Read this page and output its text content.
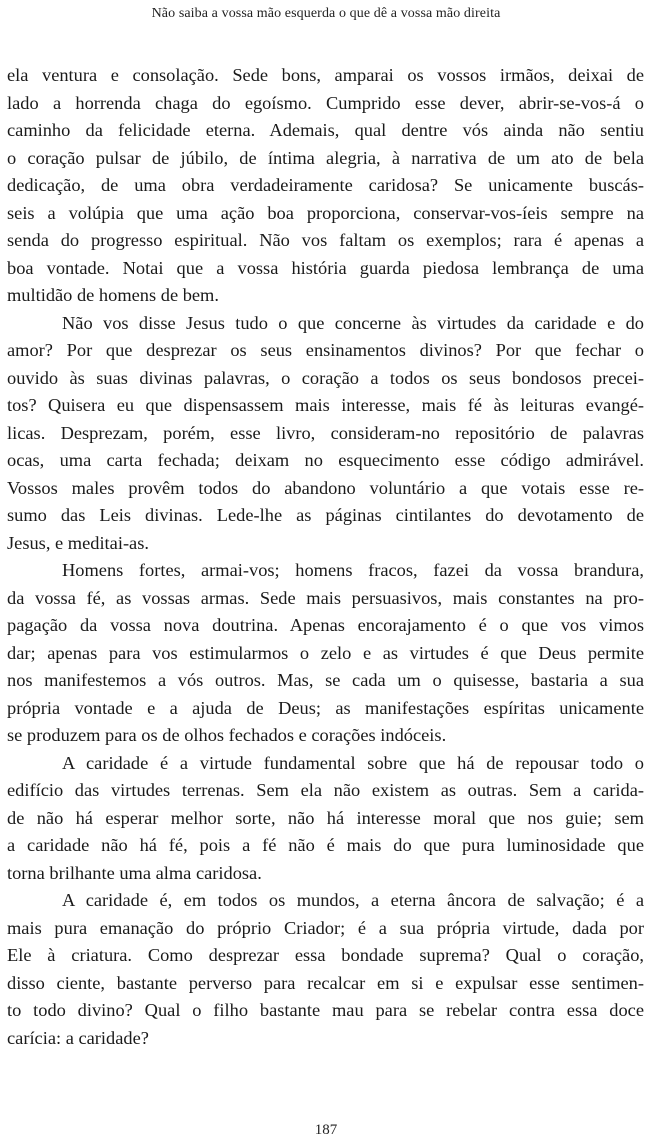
Não saiba a vossa mão esquerda o que dê a vossa mão direita

ela ventura e consolação. Sede bons, amparai os vossos irmãos, deixai de
lado a horrenda chaga do egoísmo. Cumprido esse dever, abrir-se-vos-á o
caminho da felicidade eterna. Ademais, qual dentre vós ainda não sentiu
o coração pulsar de júbilo, de íntima alegria, à narrativa de um ato de bela
dedicação, de uma obra verdadeiramente caridosa? Se unicamente buscás-
seis a volúpia que uma ação boa proporciona, conservar-vos-íeis sempre na
senda do progresso espiritual. Não vos faltam os exemplos; rara é apenas a
boa vontade. Notai que a vossa história guarda piedosa lembrança de uma
multidão de homens de bem.

Não vos disse Jesus tudo o que concerne às virtudes da caridade e do
amor? Por que desprezar os seus ensinamentos divinos? Por que fechar o
ouvido às suas divinas palavras, o coração a todos os seus bondosos precei-
tos? Quisera eu que dispensassem mais interesse, mais fé às leituras evangé-
licas. Desprezam, porém, esse livro, consideram-no repositório de palavras
ocas, uma carta fechada; deixam no esquecimento esse código admirável.
Vossos males provêm todos do abandono voluntário a que votais esse re-
sumo das Leis divinas. Lede-lhe as páginas cintilantes do devotamento de
Jesus, e meditai-as.

Homens fortes, armai-vos; homens fracos, fazei da vossa brandura,
da vossa fé, as vossas armas. Sede mais persuasivos, mais constantes na pro-
pagação da vossa nova doutrina. Apenas encorajamento é o que vos vimos
dar; apenas para vos estimularmos o zelo e as virtudes é que Deus permite
nos manifestemos a vós outros. Mas, se cada um o quisesse, bastaria a sua
própria vontade e a ajuda de Deus; as manifestações espíritas unicamente
se produzem para os de olhos fechados e corações indóceis.

A caridade é a virtude fundamental sobre que há de repousar todo o
edifício das virtudes terrenas. Sem ela não existem as outras. Sem a carida-
de não há esperar melhor sorte, não há interesse moral que nos guie; sem
a caridade não há fé, pois a fé não é mais do que pura luminosidade que
torna brilhante uma alma caridosa.

A caridade é, em todos os mundos, a eterna âncora de salvação; é a
mais pura emanação do próprio Criador; é a sua própria virtude, dada por
Ele à criatura. Como desprezar essa bondade suprema? Qual o coração,
disso ciente, bastante perverso para recalcar em si e expulsar esse sentimen-
to todo divino? Qual o filho bastante mau para se rebelar contra essa doce
carícia: a caridade?

187
